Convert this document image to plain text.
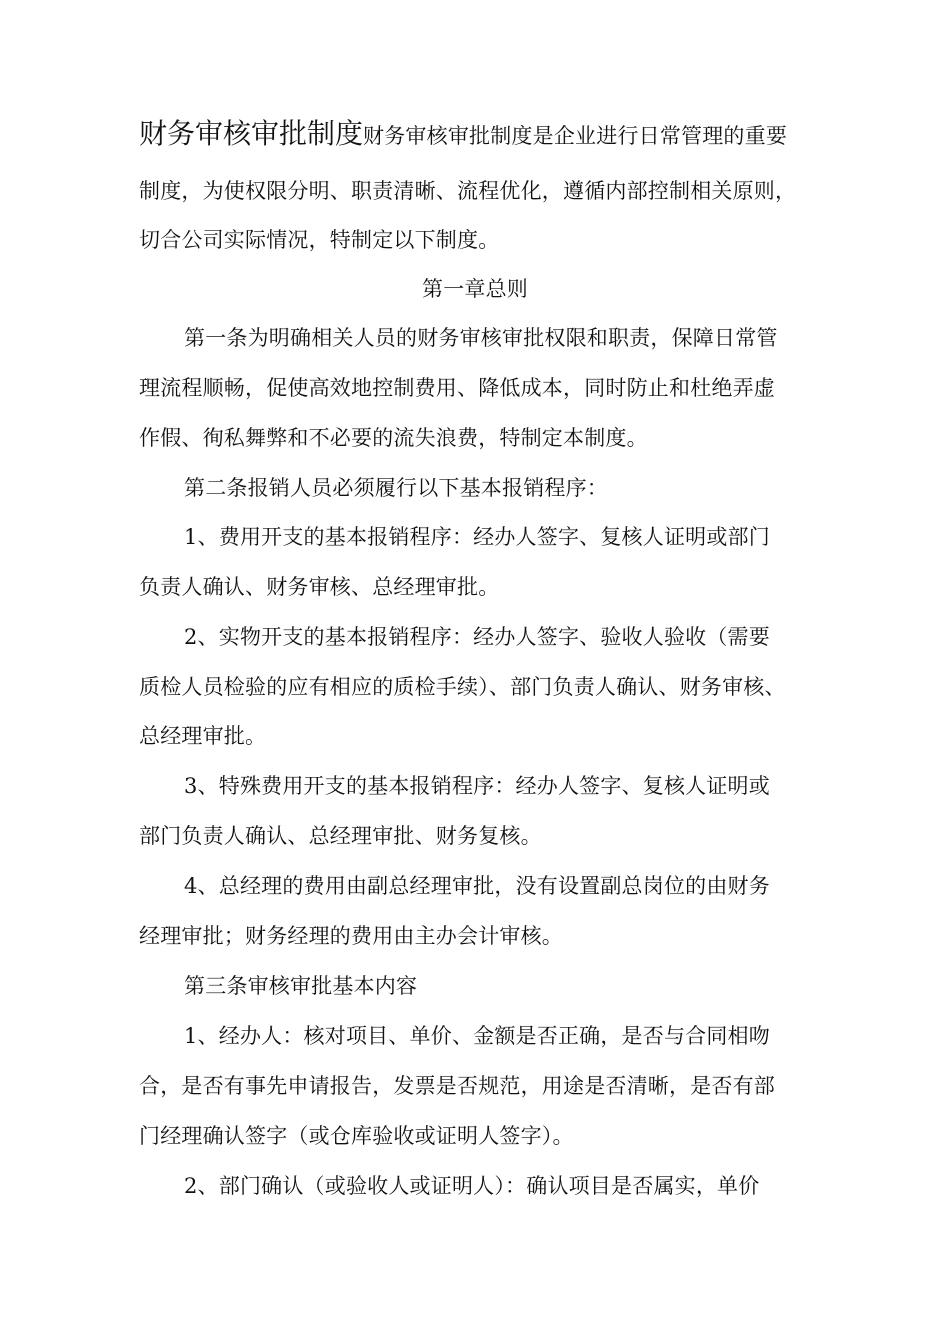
财务审核审批制度财务审核审批制度是企业进行日常管理的重要
制度，为使权限分明、职责清晰、流程优化，遵循内部控制相关原则，
切合公司实际情况，特制定以下制度。
第一章总则
第一条为明确相关人员的财务审核审批权限和职责，保障日常管
理流程顺畅，促使高效地控制费用、降低成本，同时防止和杜绝弄虚
作假、徇私舞弊和不必要的流失浪费，特制定本制度。
第二条报销人员必须履行以下基本报销程序：
1、费用开支的基本报销程序：经办人签字、复核人证明或部门
负责人确认、财务审核、总经理审批。
2、实物开支的基本报销程序：经办人签字、验收人验收（需要
质检人员检验的应有相应的质检手续）、部门负责人确认、财务审核、
总经理审批。
3、特殊费用开支的基本报销程序：经办人签字、复核人证明或
部门负责人确认、总经理审批、财务复核。
4、总经理的费用由副总经理审批，没有设置副总岗位的由财务
经理审批；财务经理的费用由主办会计审核。
第三条审核审批基本内容
1、经办人：核对项目、单价、金额是否正确，是否与合同相吻
合，是否有事先申请报告，发票是否规范，用途是否清晰，是否有部
门经理确认签字（或仓库验收或证明人签字）。
2、部门确认（或验收人或证明人）：确认项目是否属实，单价
